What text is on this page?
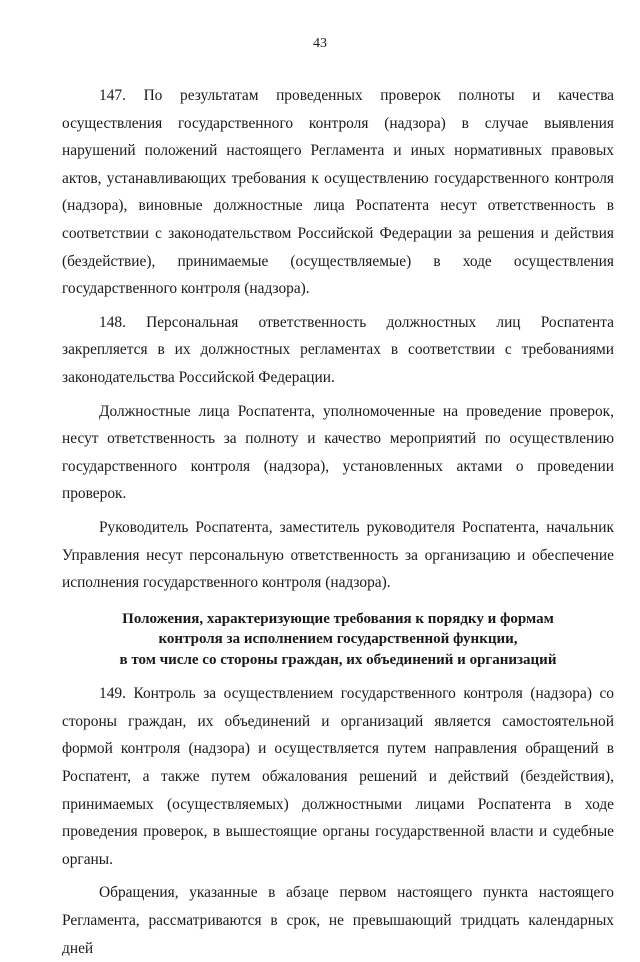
43

147. По результатам проведенных проверок полноты и качества осуществления государственного контроля (надзора) в случае выявления нарушений положений настоящего Регламента и иных нормативных правовых актов, устанавливающих требования к осуществлению государственного контроля (надзора), виновные должностные лица Роспатента несут ответственность в соответствии с законодательством Российской Федерации за решения и действия (бездействие), принимаемые (осуществляемые) в ходе осуществления государственного контроля (надзора).

148. Персональная ответственность должностных лиц Роспатента закрепляется в их должностных регламентах в соответствии с требованиями законодательства Российской Федерации.

Должностные лица Роспатента, уполномоченные на проведение проверок, несут ответственность за полноту и качество мероприятий по осуществлению государственного контроля (надзора), установленных актами о проведении проверок.

Руководитель Роспатента, заместитель руководителя Роспатента, начальник Управления несут персональную ответственность за организацию и обеспечение исполнения государственного контроля (надзора).

Положения, характеризующие требования к порядку и формам
контроля за исполнением государственной функции,
в том числе со стороны граждан, их объединений и организаций

149. Контроль за осуществлением государственного контроля (надзора) со стороны граждан, их объединений и организаций является самостоятельной формой контроля (надзора) и осуществляется путем направления обращений в Роспатент, а также путем обжалования решений и действий (бездействия), принимаемых (осуществляемых) должностными лицами Роспатента в ходе проведения проверок, в вышестоящие органы государственной власти и судебные органы.

Обращения, указанные в абзаце первом настоящего пункта настоящего Регламента, рассматриваются в срок, не превышающий тридцать календарных дней
